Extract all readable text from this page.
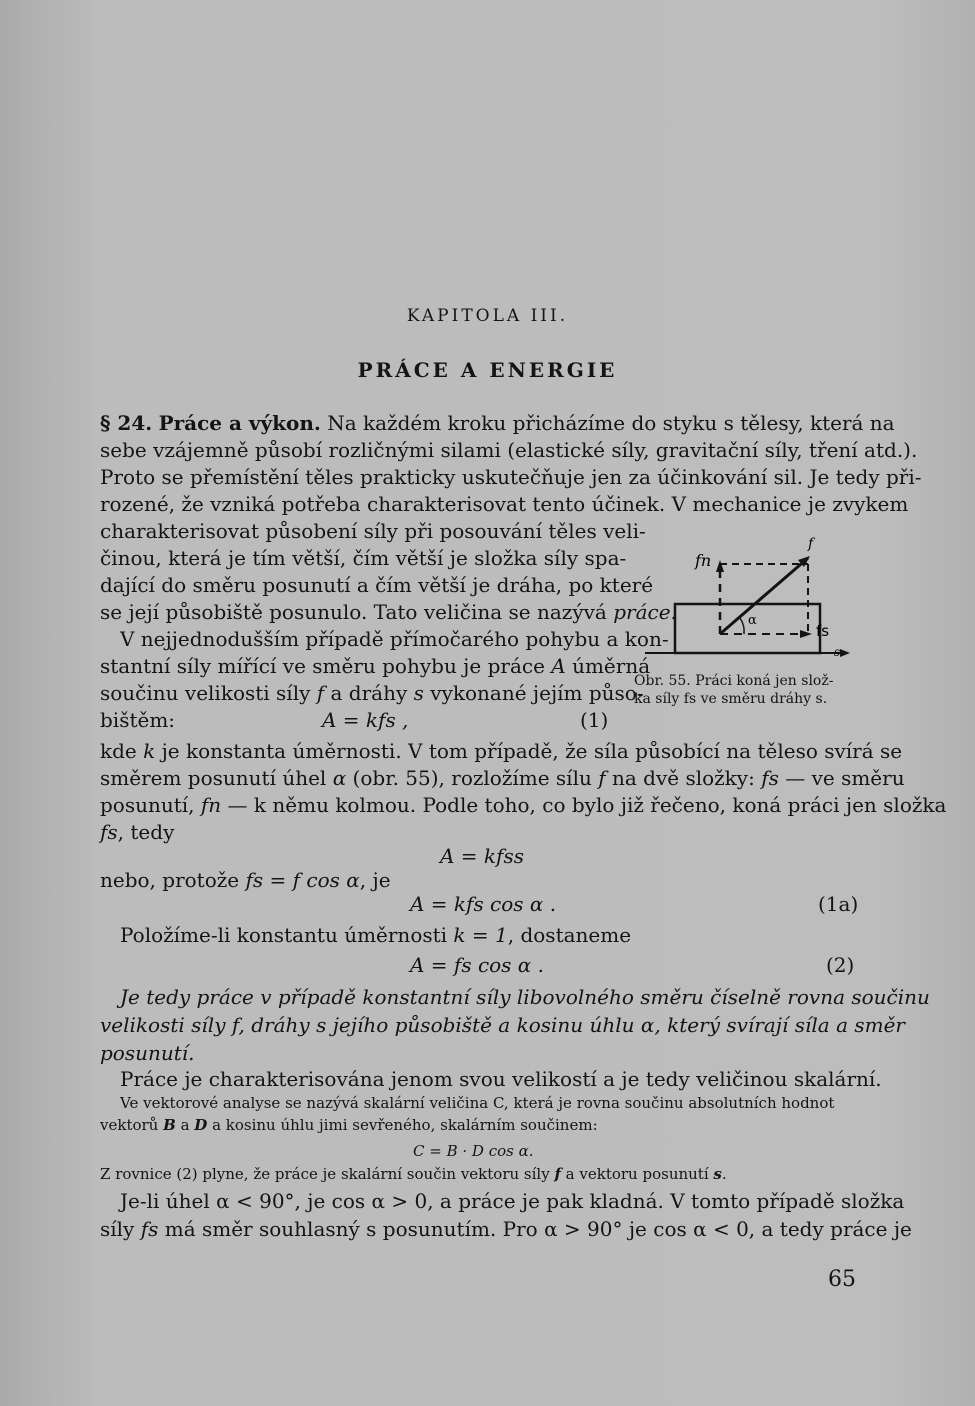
KAPITOLA III.
PRÁCE A ENERGIE
§ 24. Práce a výkon. Na každém kroku přicházíme do styku s tělesy, která na
sebe vzájemně působí rozličnými silami (elastické síly, gravitační síly, tření atd.).
Proto se přemístění těles prakticky uskutečňuje jen za účinkování sil. Je tedy při-
rozené, že vzniká potřeba charakterisovat tento účinek. V mechanice je zvykem
charakterisovat působení síly při posouvání těles veli-
činou, která je tím větší, čím větší je složka síly spa-
dající do směru posunutí a čím větší je dráha, po které
se její působiště posunulo. Tato veličina se nazývá práce.
V nejjednodušším případě přímočarého pohybu a kon-
stantní síly mířící ve směru pohybu je práce A úměrná
součinu velikosti síly f a dráhy s vykonané jejím půso-
bištěm:	A = kfs ,	(1)
f
fn
fs
s
α
Obr. 55. Práci koná jen slož-
ka síly fs ve směru dráhy s.
kde k je konstanta úměrnosti. V tom případě, že síla působící na těleso svírá se
směrem posunutí úhel α (obr. 55), rozložíme sílu f na dvě složky: fs — ve směru
posunutí, fn — k němu kolmou. Podle toho, co bylo již řečeno, koná práci jen složka
fs , tedy
A = kfss
nebo, protože fs = f cos α , je
A = kfs cos α .	(1a)
Položíme-li konstantu úměrnosti k = 1 , dostaneme
A = fs cos α .	(2)
Je tedy práce v případě konstantní síly libovolného směru číselně rovna součinu
velikosti síly f, dráhy s jejího působiště a kosinu úhlu α, který svírají síla a směr
posunutí.
Práce je charakterisována jenom svou velikostí a je tedy veličinou skalární.
Ve vektorové analyse se nazývá skalární veličina C, která je rovna součinu absolutních hodnot
vektorů B a D a kosinu úhlu jimi sevřeného, skalárním součinem:
C = B · D cos α.
Z rovnice (2) plyne, že práce je skalární součin vektoru síly f a vektoru posunutí s .
Je-li úhel α < 90°, je cos α > 0, a práce je pak kladná. V tomto případě složka
síly fs má směr souhlasný s posunutím. Pro α > 90° je cos α < 0, a tedy práce je
65
